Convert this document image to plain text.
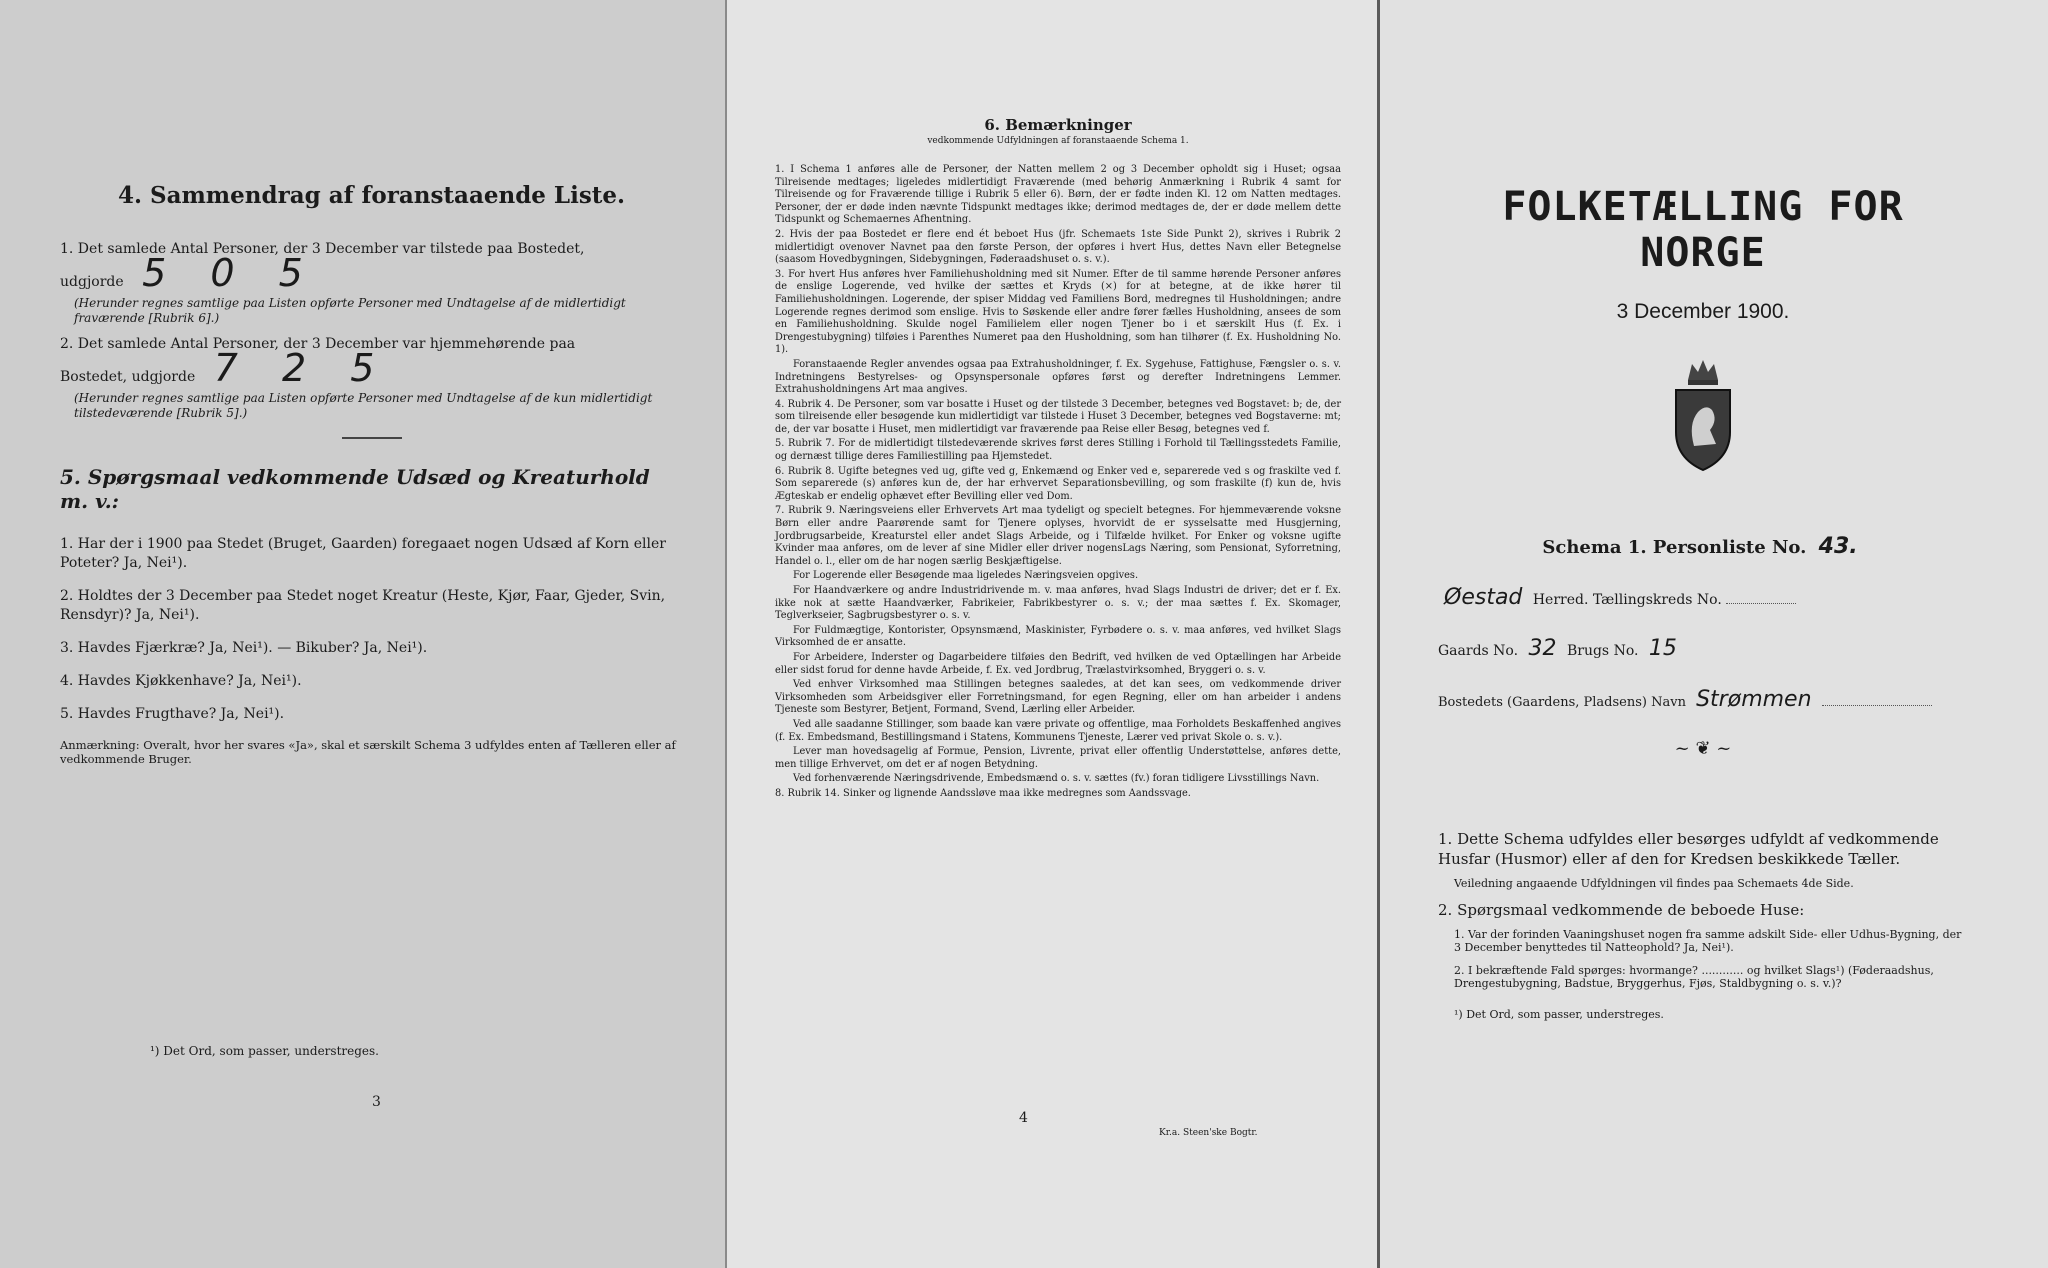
4. Sammendrag af foranstaaende Liste.
1. Det samlede Antal Personer, der 3 December var tilstede paa Bostedet,
udgjorde 5 0 5
(Herunder regnes samtlige paa Listen opførte Personer med Undtagelse af de midlertidigt fraværende [Rubrik 6].)
2. Det samlede Antal Personer, der 3 December var hjemmehørende paa
Bostedet, udgjorde 7 2 5
(Herunder regnes samtlige paa Listen opførte Personer med Undtagelse af de kun midlertidigt tilstedeværende [Rubrik 5].)
5. Spørgsmaal vedkommende Udsæd og Kreaturhold m. v.:
1. Har der i 1900 paa Stedet (Bruget, Gaarden) foregaaet nogen Udsæd af Korn eller Poteter? Ja, Nei¹).
2. Holdtes der 3 December paa Stedet noget Kreatur (Heste, Kjør, Faar, Gjeder, Svin, Rensdyr)? Ja, Nei¹).
3. Havdes Fjærkræ? Ja, Nei¹). — Bikuber? Ja, Nei¹).
4. Havdes Kjøkkenhave? Ja, Nei¹).
5. Havdes Frugthave? Ja, Nei¹).
Anmærkning: Overalt, hvor her svares «Ja», skal et særskilt Schema 3 udfyldes enten af Tælleren eller af vedkommende Bruger.
¹) Det Ord, som passer, understreges.
3
6. Bemærkninger
vedkommende Udfyldningen af foranstaaende Schema 1.

1. I Schema 1 anføres alle de Personer, der Natten mellem 2 og 3 December opholdt sig i Huset; ogsaa Tilreisende medtages; ligeledes midlertidigt Fraværende (med behørig Anmærkning i Rubrik 4 samt for Tilreisende og for Fraværende tillige i Rubrik 5 eller 6). Børn, der er fødte inden Kl. 12 om Natten medtages. Personer, der er døde inden nævnte Tidspunkt medtages ikke; derimod medtages de, der er døde mellem dette Tidspunkt og Schemaernes Afhentning.

2. Hvis der paa Bostedet er flere end ét beboet Hus (jfr. Schemaets 1ste Side Punkt 2), skrives i Rubrik 2 midlertidigt ovenover Navnet paa den første Person, der opføres i hvert Hus, dettes Navn eller Betegnelse (saasom Hovedbygningen, Sidebygningen, Føderaadshuset o. s. v.).

3. For hvert Hus anføres hver Familiehusholdning med sit Numer. Efter de til samme hørende Personer anføres de enslige Logerende, ved hvilke der sættes et Kryds (×) for at betegne, at de ikke hører til Familiehusholdningen. Logerende, der spiser Middag ved Familiens Bord, medregnes til Husholdningen; andre Logerende regnes derimod som enslige. Hvis to Søskende eller andre fører fælles Husholdning, ansees de som en Familiehusholdning. Skulde nogel Familielem eller nogen Tjener bo i et særskilt Hus (f. Ex. i Drengestubygning) tilføies i Parenthes Numeret paa den Husholdning, som han tilhører (f. Ex. Husholdning No. 1).

Foranstaaende Regler anvendes ogsaa paa Extrahusholdninger, f. Ex. Sygehuse, Fattighuse, Fængsler o. s. v. Indretningens Bestyrelses- og Opsynspersonale opføres først og derefter Indretningens Lemmer. Extrahusholdningens Art maa angives.

4. Rubrik 4. De Personer, som var bosatte i Huset og der tilstede 3 December, betegnes ved Bogstavet: b; de, der som tilreisende eller besøgende kun midlertidigt var tilstede i Huset 3 December, betegnes ved Bogstaverne: mt; de, der var bosatte i Huset, men midlertidigt var fraværende paa Reise eller Besøg, betegnes ved f.

5. Rubrik 7. For de midlertidigt tilstedeværende skrives først deres Stilling i Forhold til Tællingsstedets Familie, og dernæst tillige deres Familiestilling paa Hjemstedet.

6. Rubrik 8. Ugifte betegnes ved ug, gifte ved g, Enkemænd og Enker ved e, separerede ved s og fraskilte ved f. Som separerede (s) anføres kun de, der har erhvervet Separationsbevilling, og som fraskilte (f) kun de, hvis Ægteskab er endelig ophævet efter Bevilling eller ved Dom.

7. Rubrik 9. Næringsveiens eller Erhvervets Art maa tydeligt og specielt betegnes. For hjemmeværende voksne Børn eller andre Paarørende samt for Tjenere oplyses, hvorvidt de er sysselsatte med Husgjerning, Jordbrugsarbeide, Kreaturstel eller andet Slags Arbeide, og i Tilfælde hvilket. For Enker og voksne ugifte Kvinder maa anføres, om de lever af sine Midler eller driver nogensLags Næring, som Pensionat, Syforretning, Handel o. l., eller om de har nogen særlig Beskjæftigelse.

For Logerende eller Besøgende maa ligeledes Næringsveien opgives.

For Haandværkere og andre Industridrivende m. v. maa anføres, hvad Slags Industri de driver; det er f. Ex. ikke nok at sætte Haandværker, Fabrikeier, Fabrikbestyrer o. s. v.; der maa sættes f. Ex. Skomager, Teglverkseier, Sagbrugsbestyrer o. s. v.

For Fuldmægtige, Kontorister, Opsynsmænd, Maskinister, Fyrbødere o. s. v. maa anføres, ved hvilket Slags Virksomhed de er ansatte.

For Arbeidere, Inderster og Dagarbeidere tilføies den Bedrift, ved hvilken de ved Optællingen har Arbeide eller sidst forud for denne havde Arbeide, f. Ex. ved Jordbrug, Trælastvirksomhed, Bryggeri o. s. v.

Ved enhver Virksomhed maa Stillingen betegnes saaledes, at det kan sees, om vedkommende driver Virksomheden som Arbeidsgiver eller Forretningsmand, for egen Regning, eller om han arbeider i andens Tjeneste som Bestyrer, Betjent, Formand, Svend, Lærling eller Arbeider.

Ved alle saadanne Stillinger, som baade kan være private og offentlige, maa Forholdets Beskaffenhed angives (f. Ex. Embedsmand, Bestillingsmand i Statens, Kommunens Tjeneste, Lærer ved privat Skole o. s. v.).

Lever man hovedsagelig af Formue, Pension, Livrente, privat eller offentlig Understøttelse, anføres dette, men tillige Erhvervet, om det er af nogen Betydning.

Ved forhenværende Næringsdrivende, Embedsmænd o. s. v. sættes (fv.) foran tidligere Livsstillings Navn.

8. Rubrik 14. Sinker og lignende Aandssløve maa ikke medregnes som Aandssvage.

4
Kr.a. Steen'ske Bogtr.
FOLKETÆLLING FOR NORGE
3 December 1900.
Schema 1. Personliste No. 43.
Øestad Herred. Tællingskreds No.
Gaards No. 32 Brugs No. 15
Bostedets (Gaardens, Pladsens) Navn Strømmen
~ ❦ ~
1. Dette Schema udfyldes eller besørges udfyldt af vedkommende Husfar (Husmor) eller af den for Kredsen beskikkede Tæller.
Veiledning angaaende Udfyldningen vil findes paa Schemaets 4de Side.
2. Spørgsmaal vedkommende de beboede Huse:
1. Var der forinden Vaaningshuset nogen fra samme adskilt Side- eller Udhus-Bygning, der 3 December benyttedes til Natteophold? Ja, Nei¹).
2. I bekræftende Fald spørges: hvormange? ............ og hvilket Slags¹) (Føderaadshus, Drengestubygning, Badstue, Bryggerhus, Fjøs, Staldbygning o. s. v.)?
¹) Det Ord, som passer, understreges.
